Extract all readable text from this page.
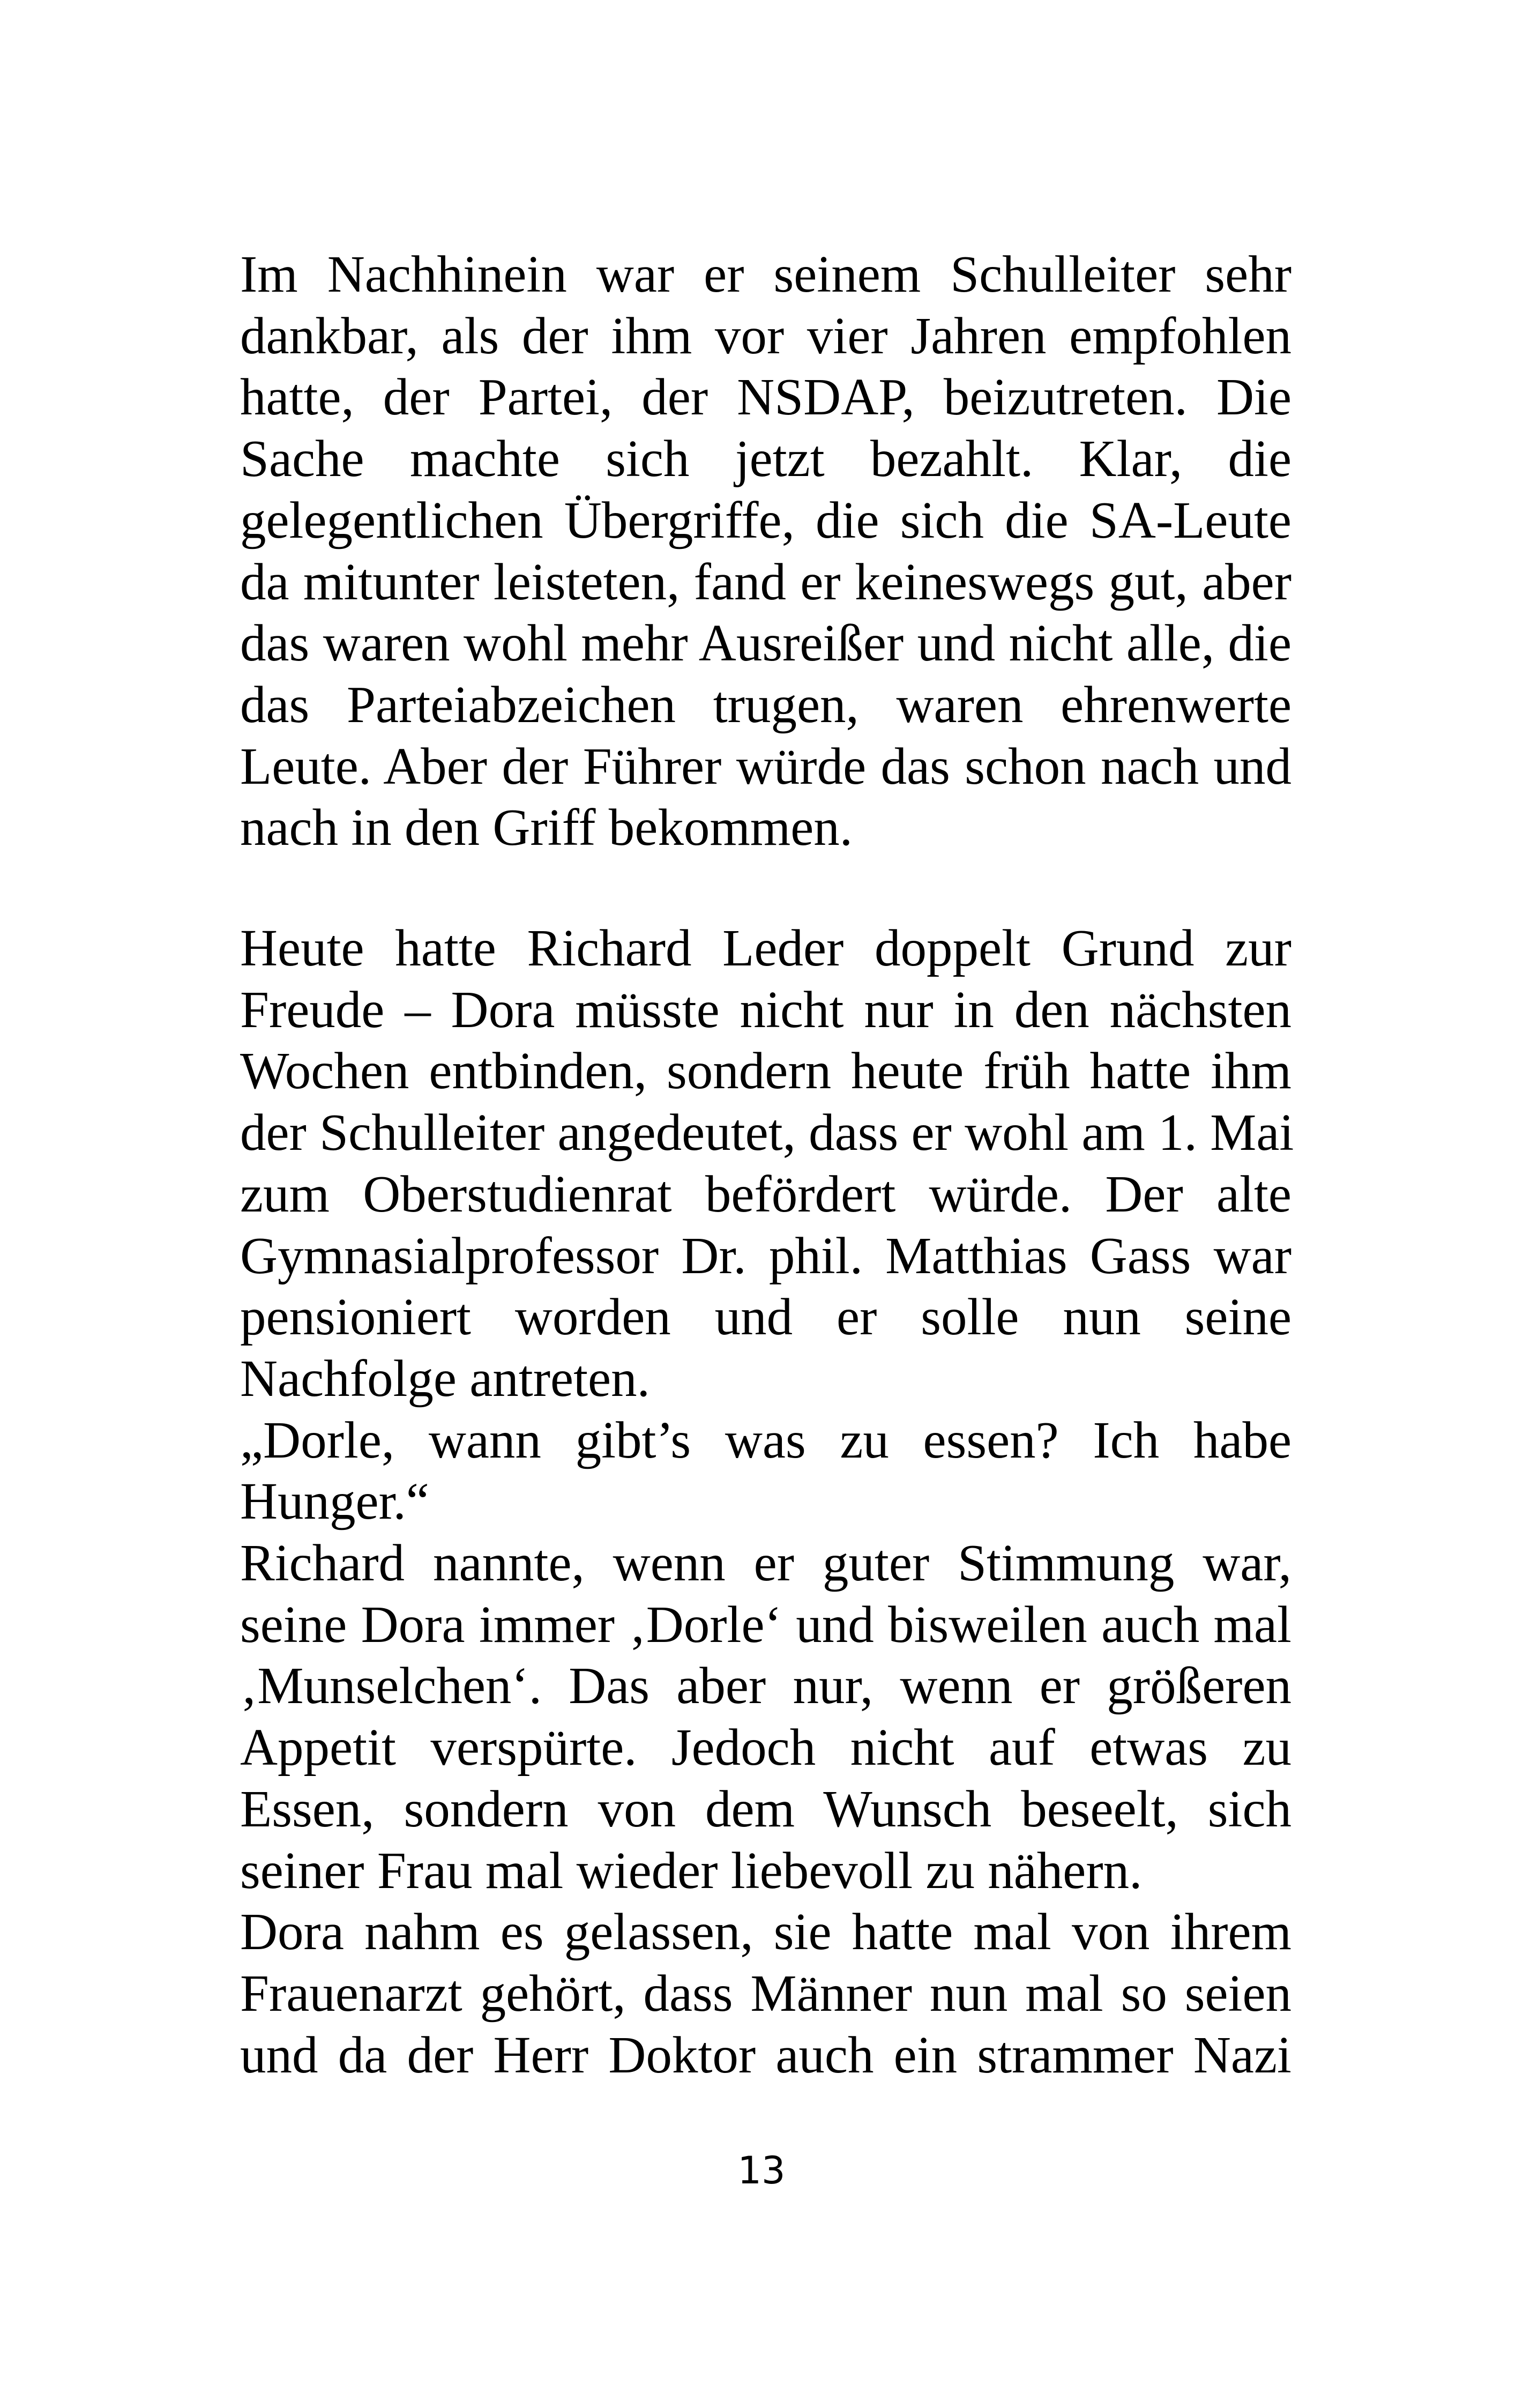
Im Nachhinein war er seinem Schulleiter sehr
dankbar, als der ihm vor vier Jahren empfohlen
hatte, der Partei, der NSDAP, beizutreten. Die
Sache machte sich jetzt bezahlt. Klar, die
gelegentlichen Übergriffe, die sich die SA-Leute
da mitunter leisteten, fand er keineswegs gut, aber
das waren wohl mehr Ausreißer und nicht alle, die
das Parteiabzeichen trugen, waren ehrenwerte
Leute. Aber der Führer würde das schon nach und
nach in den Griff bekommen.

Heute hatte Richard Leder doppelt Grund zur
Freude – Dora müsste nicht nur in den nächsten
Wochen entbinden, sondern heute früh hatte ihm
der Schulleiter angedeutet, dass er wohl am 1. Mai
zum Oberstudienrat befördert würde. Der alte
Gymnasialprofessor Dr. phil. Matthias Gass war
pensioniert worden und er solle nun seine
Nachfolge antreten.

„Dorle, wann gibt’s was zu essen? Ich habe
Hunger.“

Richard nannte, wenn er guter Stimmung war,
seine Dora immer ‚Dorle‘ und bisweilen auch mal
‚Munselchen‘. Das aber nur, wenn er größeren
Appetit verspürte. Jedoch nicht auf etwas zu
Essen, sondern von dem Wunsch beseelt, sich
seiner Frau mal wieder liebevoll zu nähern.

Dora nahm es gelassen, sie hatte mal von ihrem
Frauenarzt gehört, dass Männer nun mal so seien
und da der Herr Doktor auch ein strammer Nazi

13
